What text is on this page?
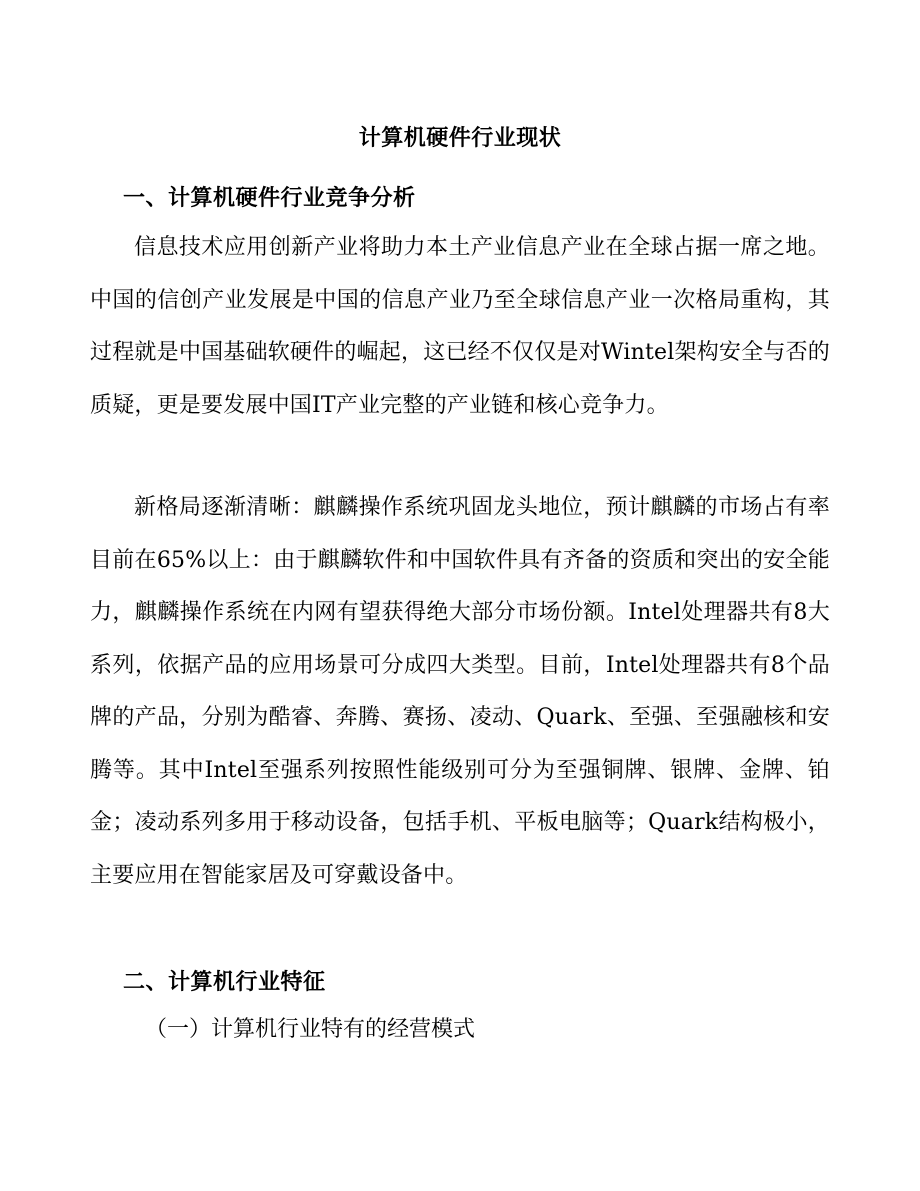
计算机硬件行业现状
一、计算机硬件行业竞争分析

信息技术应用创新产业将助力本土产业信息产业在全球占据一席之地。中国的信创产业发展是中国的信息产业乃至全球信息产业一次格局重构，其过程就是中国基础软硬件的崛起，这已经不仅仅是对Wintel架构安全与否的质疑，更是要发展中国IT产业完整的产业链和核心竞争力。

新格局逐渐清晰：麒麟操作系统巩固龙头地位，预计麒麟的市场占有率目前在65%以上：由于麒麟软件和中国软件具有齐备的资质和突出的安全能力，麒麟操作系统在内网有望获得绝大部分市场份额。Intel处理器共有8大系列，依据产品的应用场景可分成四大类型。目前，Intel处理器共有8个品牌的产品，分别为酷睿、奔腾、赛扬、凌动、Quark、至强、至强融核和安腾等。其中Intel至强系列按照性能级别可分为至强铜牌、银牌、金牌、铂金；凌动系列多用于移动设备，包括手机、平板电脑等；Quark结构极小，主要应用在智能家居及可穿戴设备中。

二、计算机行业特征
（一）计算机行业特有的经营模式
